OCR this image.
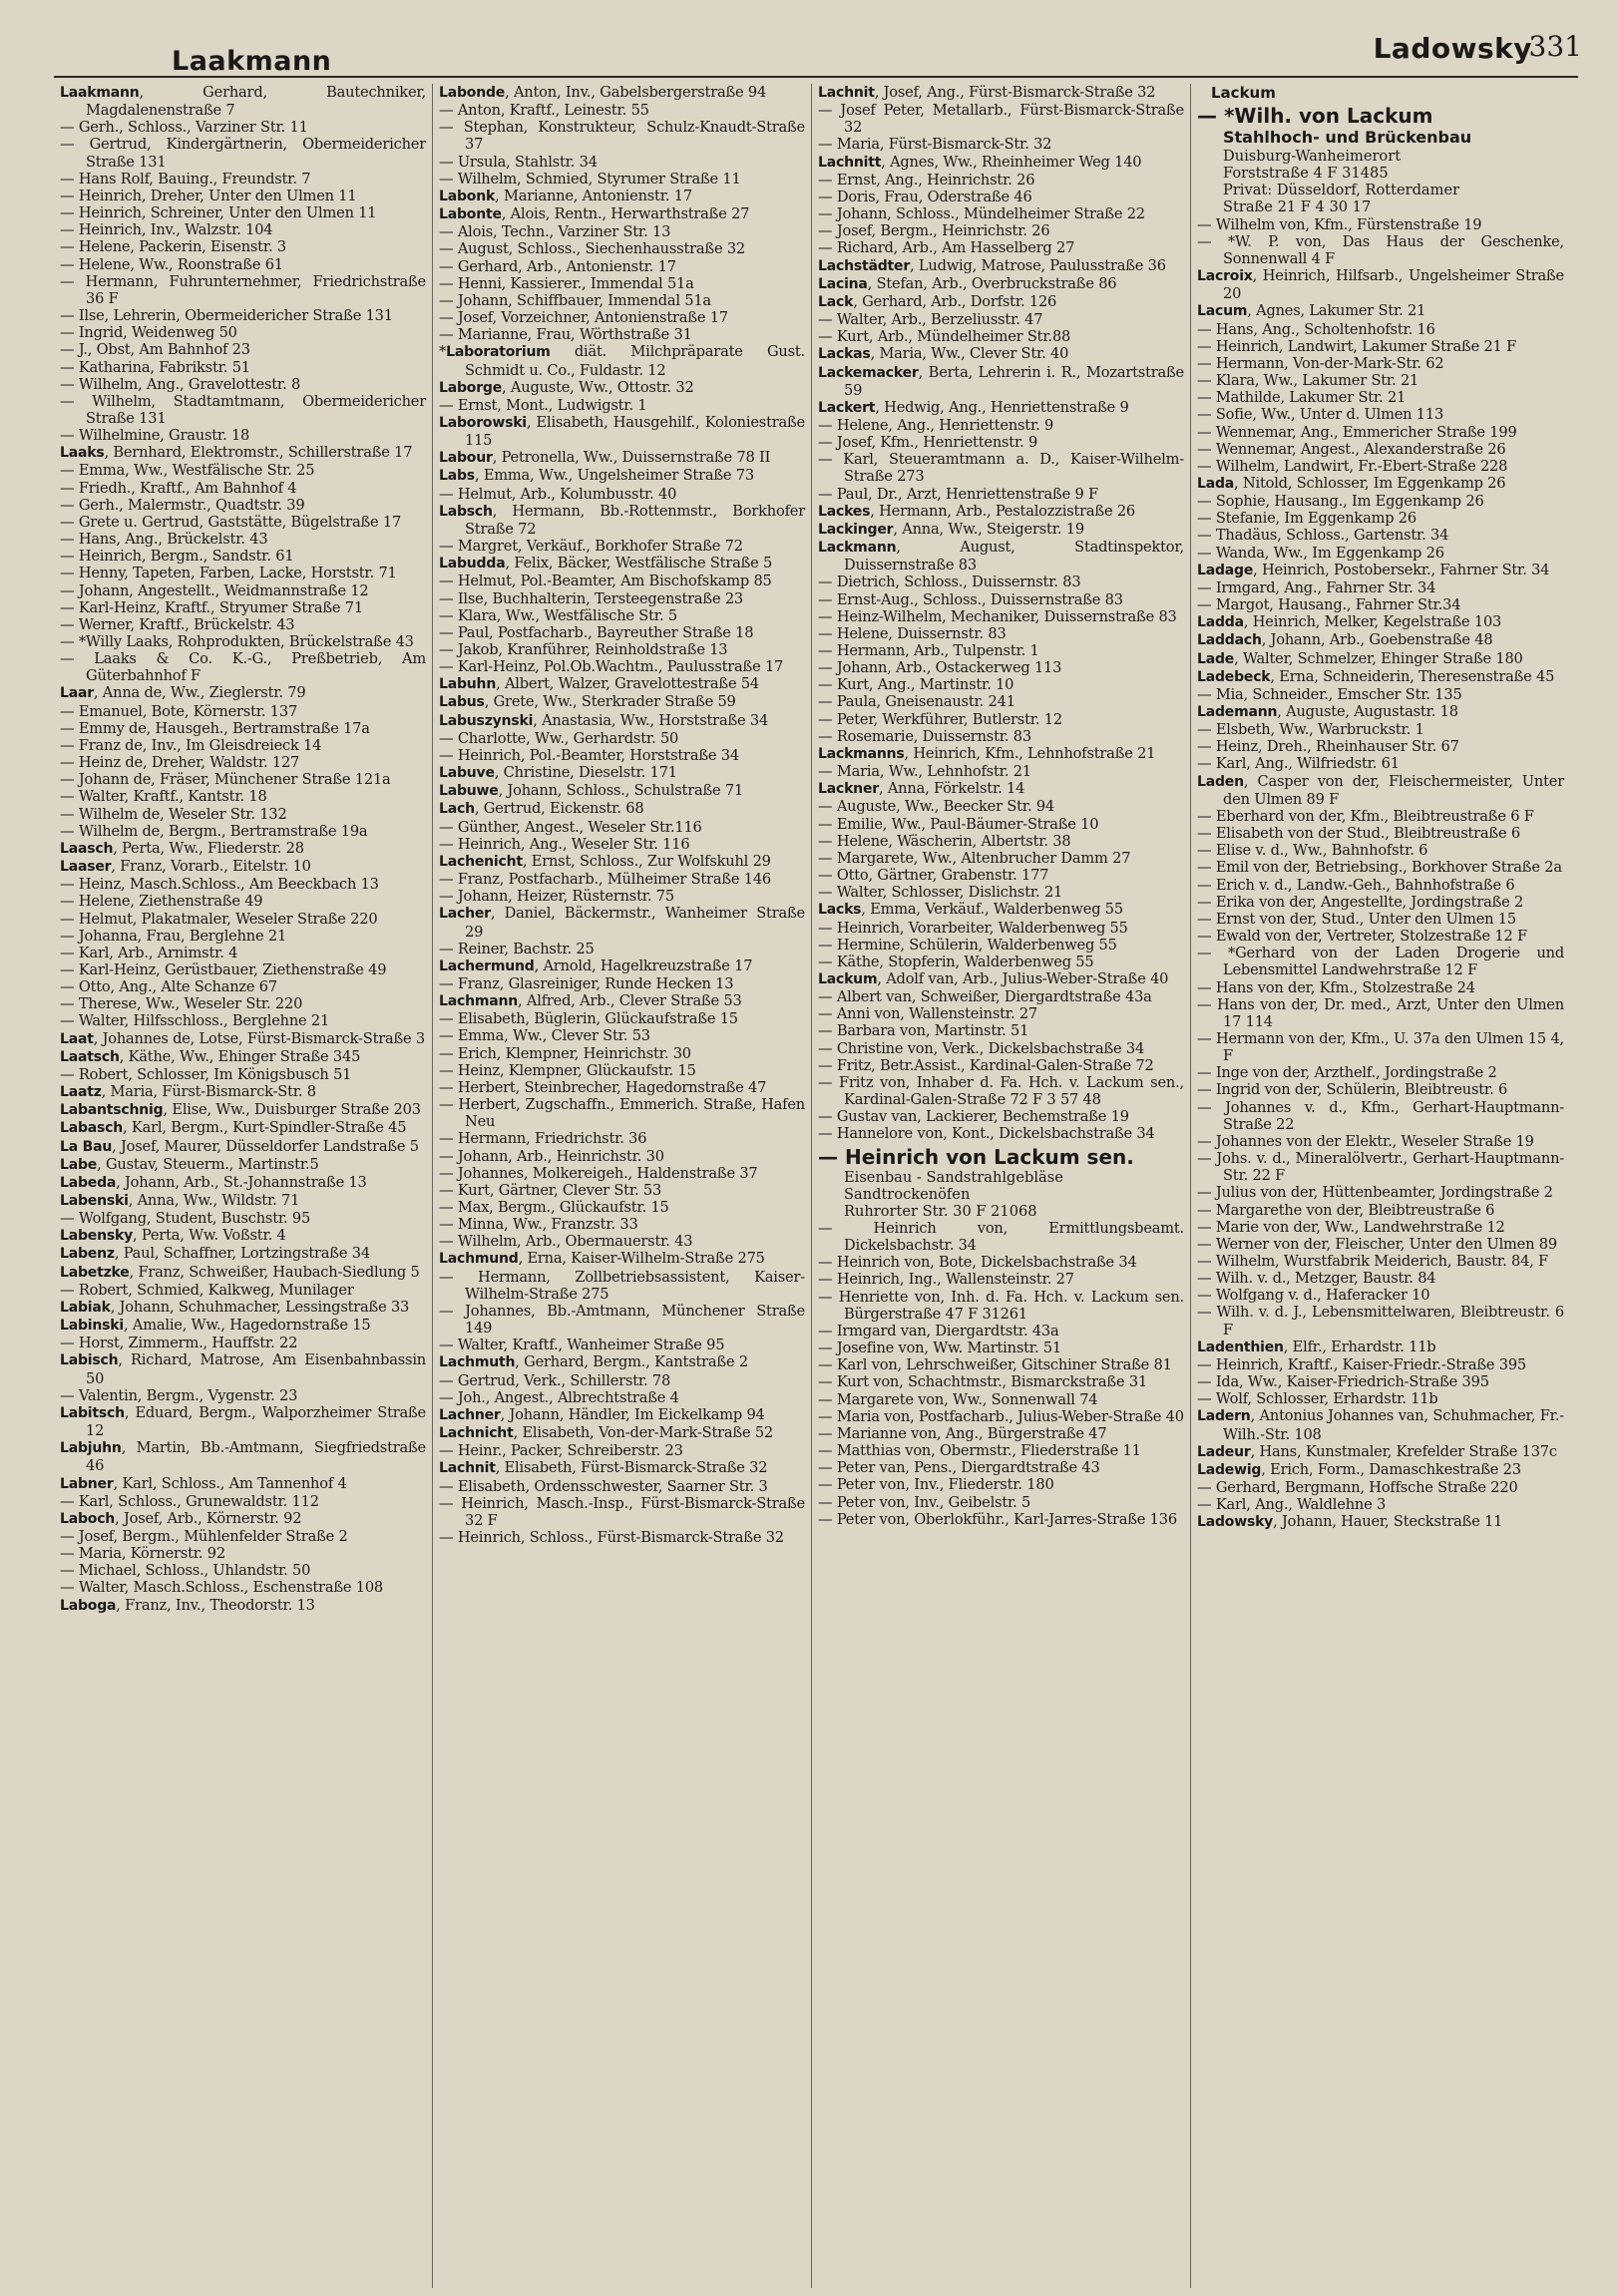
Laakmann	Ladowsky
331
Laakmann, Gerhard, Bautechniker, Magdalenenstraße 7
— Gerh., Schloss., Varziner Str. 11
— Gertrud, Kindergärtnerin, Obermeidericher Straße 131
— Hans Rolf, Bauing., Freundstr. 7
— Heinrich, Dreher, Unter den Ulmen 11
— Heinrich, Schreiner, Unter den Ulmen 11
— Heinrich, Inv., Walzstr. 104
— Helene, Packerin, Eisenstr. 3
— Helene, Ww., Roonstraße 61
— Hermann, Fuhrunternehmer, Friedrichstraße 36 F
— Ilse, Lehrerin, Obermeidericher Straße 131
— Ingrid, Weidenweg 50
— J., Obst, Am Bahnhof 23
— Katharina, Fabrikstr. 51
— Wilhelm, Ang., Gravelottestr. 8
— Wilhelm, Stadtamtmann, Obermeidericher Straße 131
— Wilhelmine, Graustr. 18
Laaks, Bernhard, Elektromstr., Schillerstraße 17
— Emma, Ww., Westfälische Str. 25
— Friedh., Kraftf., Am Bahnhof 4
— Gerh., Malermstr., Quadtstr. 39
— Grete u. Gertrud, Gaststätte, Bügelstraße 17
— Hans, Ang., Brückelstr. 43
— Heinrich, Bergm., Sandstr. 61
— Henny, Tapeten, Farben, Lacke, Horststr. 71
— Johann, Angestellt., Weidmannstraße 12
— Karl-Heinz, Kraftf., Stryumer Straße 71
— Werner, Kraftf., Brückelstr. 43
— *Willy Laaks, Rohprodukten, Brückelstraße 43
— Laaks & Co. K.-G., Preßbetrieb, Am Güterbahnhof F
Laar, Anna de, Ww., Zieglerstr. 79
— Emanuel, Bote, Körnerstr. 137
— Emmy de, Hausgeh., Bertramstraße 17a
— Franz de, Inv., Im Gleisdreieck 14
— Heinz de, Dreher, Waldstr. 127
— Johann de, Fräser, Münchener Straße 121a
— Walter, Kraftf., Kantstr. 18
— Wilhelm de, Weseler Str. 132
— Wilhelm de, Bergm., Bertramstraße 19a
Laasch, Perta, Ww., Fliederstr. 28
Laaser, Franz, Vorarb., Eitelstr. 10
— Heinz, Masch.Schloss., Am Beeckbach 13
— Helene, Ziethenstraße 49
— Helmut, Plakatmaler, Weseler Straße 220
— Johanna, Frau, Berglehne 21
— Karl, Arb., Arnimstr. 4
— Karl-Heinz, Gerüstbauer, Ziethenstraße 49
— Otto, Ang., Alte Schanze 67
— Therese, Ww., Weseler Str. 220
— Walter, Hilfsschloss., Berglehne 21
Laat, Johannes de, Lotse, Fürst-Bismarck-Straße 3
Laatsch, Käthe, Ww., Ehinger Straße 345
— Robert, Schlosser, Im Königsbusch 51
Laatz, Maria, Fürst-Bismarck-Str. 8
Labantschnig, Elise, Ww., Duisburger Straße 203
Labasch, Karl, Bergm., Kurt-Spindler-Straße 45
La Bau, Josef, Maurer, Düsseldorfer Landstraße 5
Labe, Gustav, Steuerm., Martinstr.5
Labeda, Johann, Arb., St.-Johannstraße 13
Labenski, Anna, Ww., Wildstr. 71
— Wolfgang, Student, Buschstr. 95
Labensky, Perta, Ww. Voßstr. 4
Labenz, Paul, Schaffner, Lortzingstraße 34
Labetzke, Franz, Schweißer, Haubach-Siedlung 5
— Robert, Schmied, Kalkweg, Munilager
Labiak, Johann, Schuhmacher, Lessingstraße 33
Labinski, Amalie, Ww., Hagedornstraße 15
— Horst, Zimmerm., Hauffstr. 22
Labisch, Richard, Matrose, Am Eisenbahnbassin 50
— Valentin, Bergm., Vygenstr. 23
Labitsch, Eduard, Bergm., Walporzheimer Straße 12
Labjuhn, Martin, Bb.-Amtmann, Siegfriedstraße 46
Labner, Karl, Schloss., Am Tannenhof 4
— Karl, Schloss., Grunewaldstr. 112
Laboch, Josef, Arb., Körnerstr. 92
— Josef, Bergm., Mühlenfelder Straße 2
— Maria, Körnerstr. 92
— Michael, Schloss., Uhlandstr. 50
— Walter, Masch.Schloss., Eschenstraße 108
Laboga, Franz, Inv., Theodorstr. 13
Labonde, Anton, Inv., Gabelsbergerstraße 94
— Anton, Kraftf., Leinestr. 55
— Stephan, Konstrukteur, Schulz-Knaudt-Straße 37
— Ursula, Stahlstr. 34
— Wilhelm, Schmied, Styrumer Straße 11
Labonk, Marianne, Antonienstr. 17
Labonte, Alois, Rentn., Herwarthstraße 27
— Alois, Techn., Varziner Str. 13
— August, Schloss., Siechenhausstraße 32
— Gerhard, Arb., Antonienstr. 17
— Henni, Kassierer., Immendal 51a
— Johann, Schiffbauer, Immendal 51a
— Josef, Vorzeichner, Antonienstraße 17
— Marianne, Frau, Wörthstraße 31
*Laboratorium diät. Milchpräparate Gust. Schmidt u. Co., Fuldastr. 12
Laborge, Auguste, Ww., Ottostr. 32
— Ernst, Mont., Ludwigstr. 1
Laborowski, Elisabeth, Hausgehilf., Koloniestraße 115
Labour, Petronella, Ww., Duissernstraße 78 II
Labs, Emma, Ww., Ungelsheimer Straße 73
— Helmut, Arb., Kolumbusstr. 40
Labsch, Hermann, Bb.-Rottenmstr., Borkhofer Straße 72
— Margret, Verkäuf., Borkhofer Straße 72
Labudda, Felix, Bäcker, Westfälische Straße 5
— Helmut, Pol.-Beamter, Am Bischofskamp 85
— Ilse, Buchhalterin, Tersteegenstraße 23
— Klara, Ww., Westfälische Str. 5
— Paul, Postfacharb., Bayreuther Straße 18
— Jakob, Kranführer, Reinholdstraße 13
— Karl-Heinz, Pol.Ob.Wachtm., Paulusstraße 17
Labuhn, Albert, Walzer, Gravelottestraße 54
Labus, Grete, Ww., Sterkrader Straße 59
Labuszynski, Anastasia, Ww., Horststraße 34
— Charlotte, Ww., Gerhardstr. 50
— Heinrich, Pol.-Beamter, Horststraße 34
Labuve, Christine, Dieselstr. 171
Labuwe, Johann, Schloss., Schulstraße 71
Lach, Gertrud, Eickenstr. 68
— Günther, Angest., Weseler Str.116
— Heinrich, Ang., Weseler Str. 116
Lachenicht, Ernst, Schloss., Zur Wolfskuhl 29
— Franz, Postfacharb., Mülheimer Straße 146
— Johann, Heizer, Rüsternstr. 75
Lacher, Daniel, Bäckermstr., Wanheimer Straße 29
— Reiner, Bachstr. 25
Lachermund, Arnold, Hagelkreuzstraße 17
— Franz, Glasreiniger, Runde Hecken 13
Lachmann, Alfred, Arb., Clever Straße 53
— Elisabeth, Büglerin, Glückaufstraße 15
— Emma, Ww., Clever Str. 53
— Erich, Klempner, Heinrichstr. 30
— Heinz, Klempner, Glückaufstr. 15
— Herbert, Steinbrecher, Hagedornstraße 47
— Herbert, Zugschaffn., Emmerich. Straße, Hafen Neu
— Hermann, Friedrichstr. 36
— Johann, Arb., Heinrichstr. 30
— Johannes, Molkereigeh., Haldenstraße 37
— Kurt, Gärtner, Clever Str. 53
— Max, Bergm., Glückaufstr. 15
— Minna, Ww., Franzstr. 33
— Wilhelm, Arb., Obermauerstr. 43
Lachmund, Erna, Kaiser-Wilhelm-Straße 275
— Hermann, Zollbetriebsassistent, Kaiser-Wilhelm-Straße 275
— Johannes, Bb.-Amtmann, Münchener Straße 149
— Walter, Kraftf., Wanheimer Straße 95
Lachmuth, Gerhard, Bergm., Kantstraße 2
— Gertrud, Verk., Schillerstr. 78
— Joh., Angest., Albrechtstraße 4
Lachner, Johann, Händler, Im Eickelkamp 94
Lachnicht, Elisabeth, Von-der-Mark-Straße 52
— Heinr., Packer, Schreiberstr. 23
Lachnit, Elisabeth, Fürst-Bismarck-Straße 32
— Elisabeth, Ordensschwester, Saarner Str. 3
— Heinrich, Masch.-Insp., Fürst-Bismarck-Straße 32 F
— Heinrich, Schloss., Fürst-Bismarck-Straße 32
Lachnit, Josef, Ang., Fürst-Bismarck-Straße 32
— Josef Peter, Metallarb., Fürst-Bismarck-Straße 32
— Maria, Fürst-Bismarck-Str. 32
Lachnitt, Agnes, Ww., Rheinheimer Weg 140
— Ernst, Ang., Heinrichstr. 26
— Doris, Frau, Oderstraße 46
— Johann, Schloss., Mündelheimer Straße 22
— Josef, Bergm., Heinrichstr. 26
— Richard, Arb., Am Hasselberg 27
Lachstädter, Ludwig, Matrose, Paulusstraße 36
Lacina, Stefan, Arb., Overbruckstraße 86
Lack, Gerhard, Arb., Dorfstr. 126
— Walter, Arb., Berzeliusstr. 47
— Kurt, Arb., Mündelheimer Str.88
Lackas, Maria, Ww., Clever Str. 40
Lackemacker, Berta, Lehrerin i. R., Mozartstraße 59
Lackert, Hedwig, Ang., Henriettenstraße 9
— Helene, Ang., Henriettenstr. 9
— Josef, Kfm., Henriettenstr. 9
— Karl, Steueramtmann a. D., Kaiser-Wilhelm-Straße 273
— Paul, Dr., Arzt, Henriettenstraße 9 F
Lackes, Hermann, Arb., Pestalozzistraße 26
Lackinger, Anna, Ww., Steigerstr. 19
Lackmann, August, Stadtinspektor, Duissernstraße 83
— Dietrich, Schloss., Duissernstr. 83
— Ernst-Aug., Schloss., Duissernstraße 83
— Heinz-Wilhelm, Mechaniker, Duissernstraße 83
— Helene, Duissernstr. 83
— Hermann, Arb., Tulpenstr. 1
— Johann, Arb., Ostackerweg 113
— Kurt, Ang., Martinstr. 10
— Paula, Gneisenaustr. 241
— Peter, Werkführer, Butlerstr. 12
— Rosemarie, Duissernstr. 83
Lackmanns, Heinrich, Kfm., Lehnhofstraße 21
— Maria, Ww., Lehnhofstr. 21
Lackner, Anna, Förkelstr. 14
— Auguste, Ww., Beecker Str. 94
— Emilie, Ww., Paul-Bäumer-Straße 10
— Helene, Wäscherin, Albertstr. 38
— Margarete, Ww., Altenbrucher Damm 27
— Otto, Gärtner, Grabenstr. 177
— Walter, Schlosser, Dislichstr. 21
Lacks, Emma, Verkäuf., Walderbenweg 55
— Heinrich, Vorarbeiter, Walderbenweg 55
— Hermine, Schülerin, Walderbenweg 55
— Käthe, Stopferin, Walderbenweg 55
Lackum, Adolf van, Arb., Julius-Weber-Straße 40
— Albert van, Schweißer, Diergardtstraße 43a
— Anni von, Wallensteinstr. 27
— Barbara von, Martinstr. 51
— Christine von, Verk., Dickelsbachstraße 34
— Fritz, Betr.Assist., Kardinal-Galen-Straße 72
— Fritz von, Inhaber d. Fa. Hch. v. Lackum sen., Kardinal-Galen-Straße 72 F 3 57 48
— Gustav van, Lackierer, Bechemstraße 19
— Hannelore von, Kont., Dickelsbachstraße 34
— Heinrich von Lackum sen.
Eisenbau - Sandstrahlgebläse
Sandtrockenöfen
Ruhrorter Str. 30 F 21068
— Heinrich von, Ermittlungsbeamt. Dickelsbachstr. 34
— Heinrich von, Bote, Dickelsbachstraße 34
— Heinrich, Ing., Wallensteinstr. 27
— Henriette von, Inh. d. Fa. Hch. v. Lackum sen. Bürgerstraße 47 F 31261
— Irmgard van, Diergardtstr. 43a
— Josefine von, Ww. Martinstr. 51
— Karl von, Lehrschweißer, Gitschiner Straße 81
— Kurt von, Schachtmstr., Bismarckstraße 31
— Margarete von, Ww., Sonnenwall 74
— Maria von, Postfacharb., Julius-Weber-Straße 40
— Marianne von, Ang., Bürgerstraße 47
— Matthias von, Obermstr., Fliederstraße 11
— Peter van, Pens., Diergardtstraße 43
— Peter von, Inv., Fliederstr. 180
— Peter von, Inv., Geibelstr. 5
— Peter von, Oberlokführ., Karl-Jarres-Straße 136
Lackum
— *Wilh. von Lackum
Stahlhoch- und Brückenbau
Duisburg-Wanheimerort
Forststraße 4 F 31485
Privat: Düsseldorf, Rotterdamer
Straße 21 F 4 30 17
— Wilhelm von, Kfm., Fürstenstraße 19
— *W. P. von, Das Haus der Geschenke, Sonnenwall 4 F
Lacroix, Heinrich, Hilfsarb., Ungelsheimer Straße 20
Lacum, Agnes, Lakumer Str. 21
— Hans, Ang., Scholtenhofstr. 16
— Heinrich, Landwirt, Lakumer Straße 21 F
— Hermann, Von-der-Mark-Str. 62
— Klara, Ww., Lakumer Str. 21
— Mathilde, Lakumer Str. 21
— Sofie, Ww., Unter d. Ulmen 113
— Wennemar, Ang., Emmericher Straße 199
— Wennemar, Angest., Alexanderstraße 26
— Wilhelm, Landwirt, Fr.-Ebert-Straße 228
Lada, Nitold, Schlosser, Im Eggenkamp 26
— Sophie, Hausang., Im Eggenkamp 26
— Stefanie, Im Eggenkamp 26
— Thadäus, Schloss., Gartenstr. 34
— Wanda, Ww., Im Eggenkamp 26
Ladage, Heinrich, Postobersekr., Fahrner Str. 34
— Irmgard, Ang., Fahrner Str. 34
— Margot, Hausang., Fahrner Str.34
Ladda, Heinrich, Melker, Kegelstraße 103
Laddach, Johann, Arb., Goebenstraße 48
Lade, Walter, Schmelzer, Ehinger Straße 180
Ladebeck, Erna, Schneiderin, Theresenstraße 45
— Mia, Schneider., Emscher Str. 135
Lademann, Auguste, Augustastr. 18
— Elsbeth, Ww., Warbruckstr. 1
— Heinz, Dreh., Rheinhauser Str. 67
— Karl, Ang., Wilfriedstr. 61
Laden, Casper von der, Fleischermeister, Unter den Ulmen 89 F
— Eberhard von der, Kfm., Bleibtreustraße 6 F
— Elisabeth von der Stud., Bleibtreustraße 6
— Elise v. d., Ww., Bahnhofstr. 6
— Emil von der, Betriebsing., Borkhover Straße 2a
— Erich v. d., Landw.-Geh., Bahnhofstraße 6
— Erika von der, Angestellte, Jordingstraße 2
— Ernst von der, Stud., Unter den Ulmen 15
— Ewald von der, Vertreter, Stolzestraße 12 F
— *Gerhard von der Laden Drogerie und Lebensmittel Landwehrstraße 12 F
— Hans von der, Kfm., Stolzestraße 24
— Hans von der, Dr. med., Arzt, Unter den Ulmen 17 114
— Hermann von der, Kfm., U. 37a den Ulmen 15 4, F
— Inge von der, Arzthelf., Jordingstraße 2
— Ingrid von der, Schülerin, Bleibtreustr. 6
— Johannes v. d., Kfm., Gerhart-Hauptmann-Straße 22
— Johannes von der Elektr., Weseler Straße 19
— Johs. v. d., Mineralölvertr., Gerhart-Hauptmann-Str. 22 F
— Julius von der, Hüttenbeamter, Jordingstraße 2
— Margarethe von der, Bleibtreustraße 6
— Marie von der, Ww., Landwehrstraße 12
— Werner von der, Fleischer, Unter den Ulmen 89
— Wilhelm, Wurstfabrik Meiderich, Baustr. 84, F
— Wilh. v. d., Metzger, Baustr. 84
— Wolfgang v. d., Haferacker 10
— Wilh. v. d. J., Lebensmittelwaren, Bleibtreustr. 6 F
Ladenthien, Elfr., Erhardstr. 11b
— Heinrich, Kraftf., Kaiser-Friedr.-Straße 395
— Ida, Ww., Kaiser-Friedrich-Straße 395
— Wolf, Schlosser, Erhardstr. 11b
Ladern, Antonius Johannes van, Schuhmacher, Fr.-Wilh.-Str. 108
Ladeur, Hans, Kunstmaler, Krefelder Straße 137c
Ladewig, Erich, Form., Damaschkestraße 23
— Gerhard, Bergmann, Hoffsche Straße 220
— Karl, Ang., Waldlehne 3
Ladowsky, Johann, Hauer, Steckstraße 11
